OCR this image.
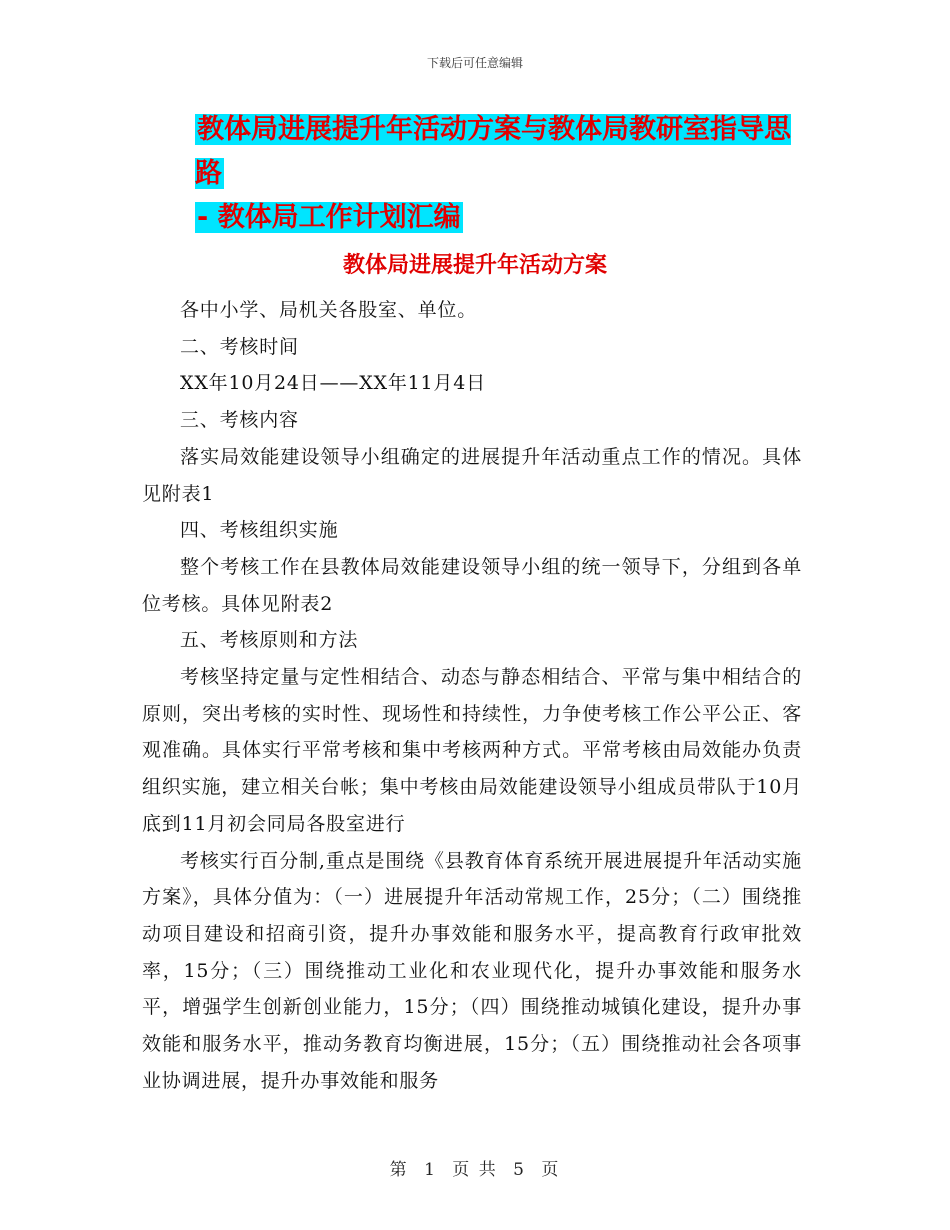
下载后可任意编辑
教体局进展提升年活动方案与教体局教研室指导思路
- 教体局工作计划汇编
教体局进展提升年活动方案

各中小学、局机关各股室、单位。

二、考核时间

XX年10月24日——XX年11月4日

三、考核内容

落实局效能建设领导小组确定的进展提升年活动重点工作的情况。具体见附表1

四、考核组织实施

整个考核工作在县教体局效能建设领导小组的统一领导下，分组到各单位考核。具体见附表2

五、考核原则和方法

考核坚持定量与定性相结合、动态与静态相结合、平常与集中相结合的原则，突出考核的实时性、现场性和持续性，力争使考核工作公平公正、客观准确。具体实行平常考核和集中考核两种方式。平常考核由局效能办负责组织实施，建立相关台帐；集中考核由局效能建设领导小组成员带队于10月底到11月初会同局各股室进行

考核实行百分制,重点是围绕《县教育体育系统开展进展提升年活动实施方案》，具体分值为：（一）进展提升年活动常规工作，25分；（二）围绕推动项目建设和招商引资，提升办事效能和服务水平，提高教育行政审批效率，15分；（三）围绕推动工业化和农业现代化，提升办事效能和服务水平，增强学生创新创业能力，15分；（四）围绕推动城镇化建设，提升办事效能和服务水平，推动务教育均衡进展，15分；（五）围绕推动社会各项事业协调进展，提升办事效能和服务

第 1 页 共 5 页
